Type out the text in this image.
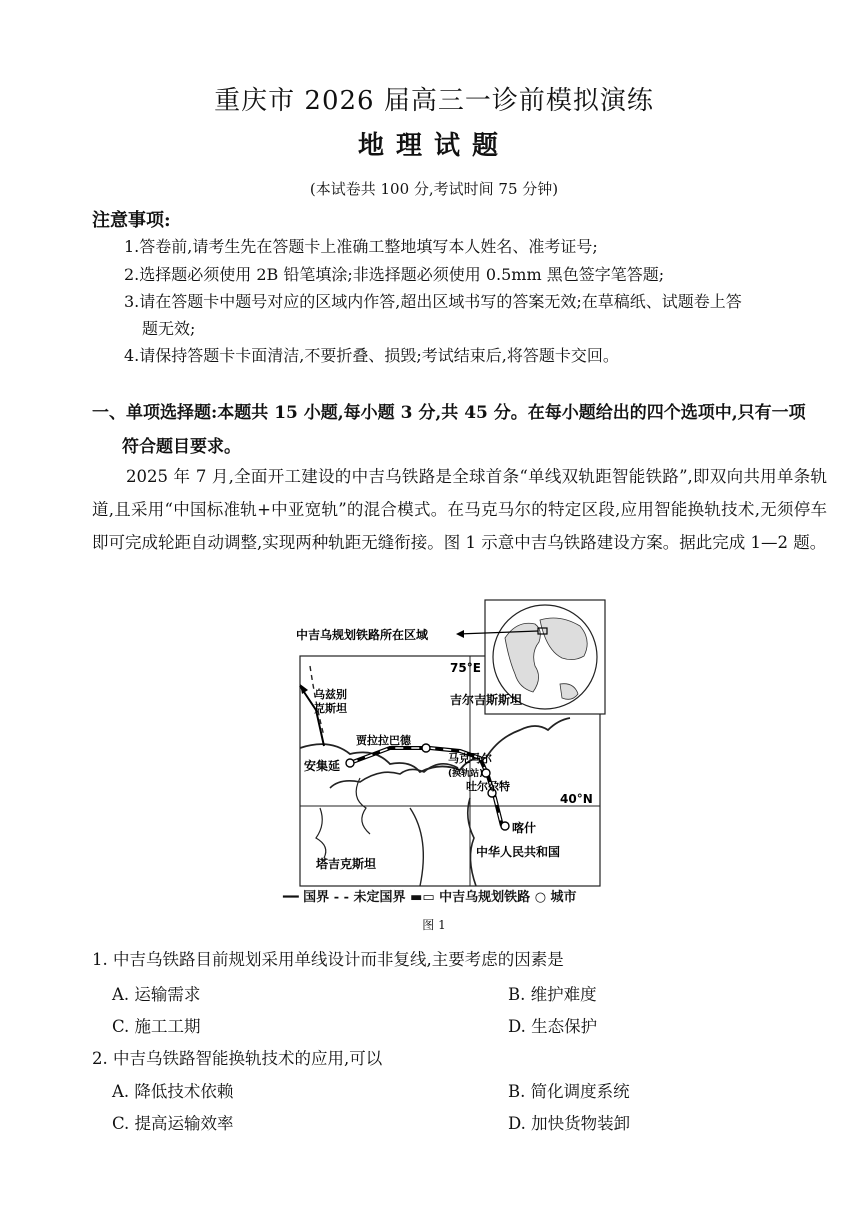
重庆市 2026 届高三一诊前模拟演练
地理试题
(本试卷共 100 分,考试时间 75 分钟)
注意事项:
1.答卷前,请考生先在答题卡上准确工整地填写本人姓名、准考证号;
2.选择题必须使用 2B 铅笔填涂;非选择题必须使用 0.5mm 黑色签字笔答题;
3.请在答题卡中题号对应的区域内作答,超出区域书写的答案无效;在草稿纸、试题卷上答
题无效;
4.请保持答题卡卡面清洁,不要折叠、损毁;考试结束后,将答题卡交回。
一、单项选择题:本题共 15 小题,每小题 3 分,共 45 分。在每小题给出的四个选项中,只有一项
符合题目要求。
2025 年 7 月,全面开工建设的中吉乌铁路是全球首条“单线双轨距智能铁路”,即双向共用单条轨道,且采用“中国标准轨+中亚宽轨”的混合模式。在马克马尔的特定区段,应用智能换轨技术,无须停车即可完成轮距自动调整,实现两种轨距无缝衔接。图 1 示意中吉乌铁路建设方案。据此完成 1—2 题。
中吉乌规划铁路所在区域
75°E
40°N
乌兹别
克斯坦
吉尔吉斯斯坦
贾拉拉巴德
安集延
马克马尔
(换轨站)
吐尔尕特
喀什
塔吉克斯坦
中华人民共和国
━━ 国界 - - 未定国界 ▬▭ 中吉乌规划铁路 ○ 城市
图 1
1. 中吉乌铁路目前规划采用单线设计而非复线,主要考虑的因素是
A. 运输需求	B. 维护难度
C. 施工工期	D. 生态保护
2. 中吉乌铁路智能换轨技术的应用,可以
A. 降低技术依赖	B. 简化调度系统
C. 提高运输效率	D. 加快货物装卸
